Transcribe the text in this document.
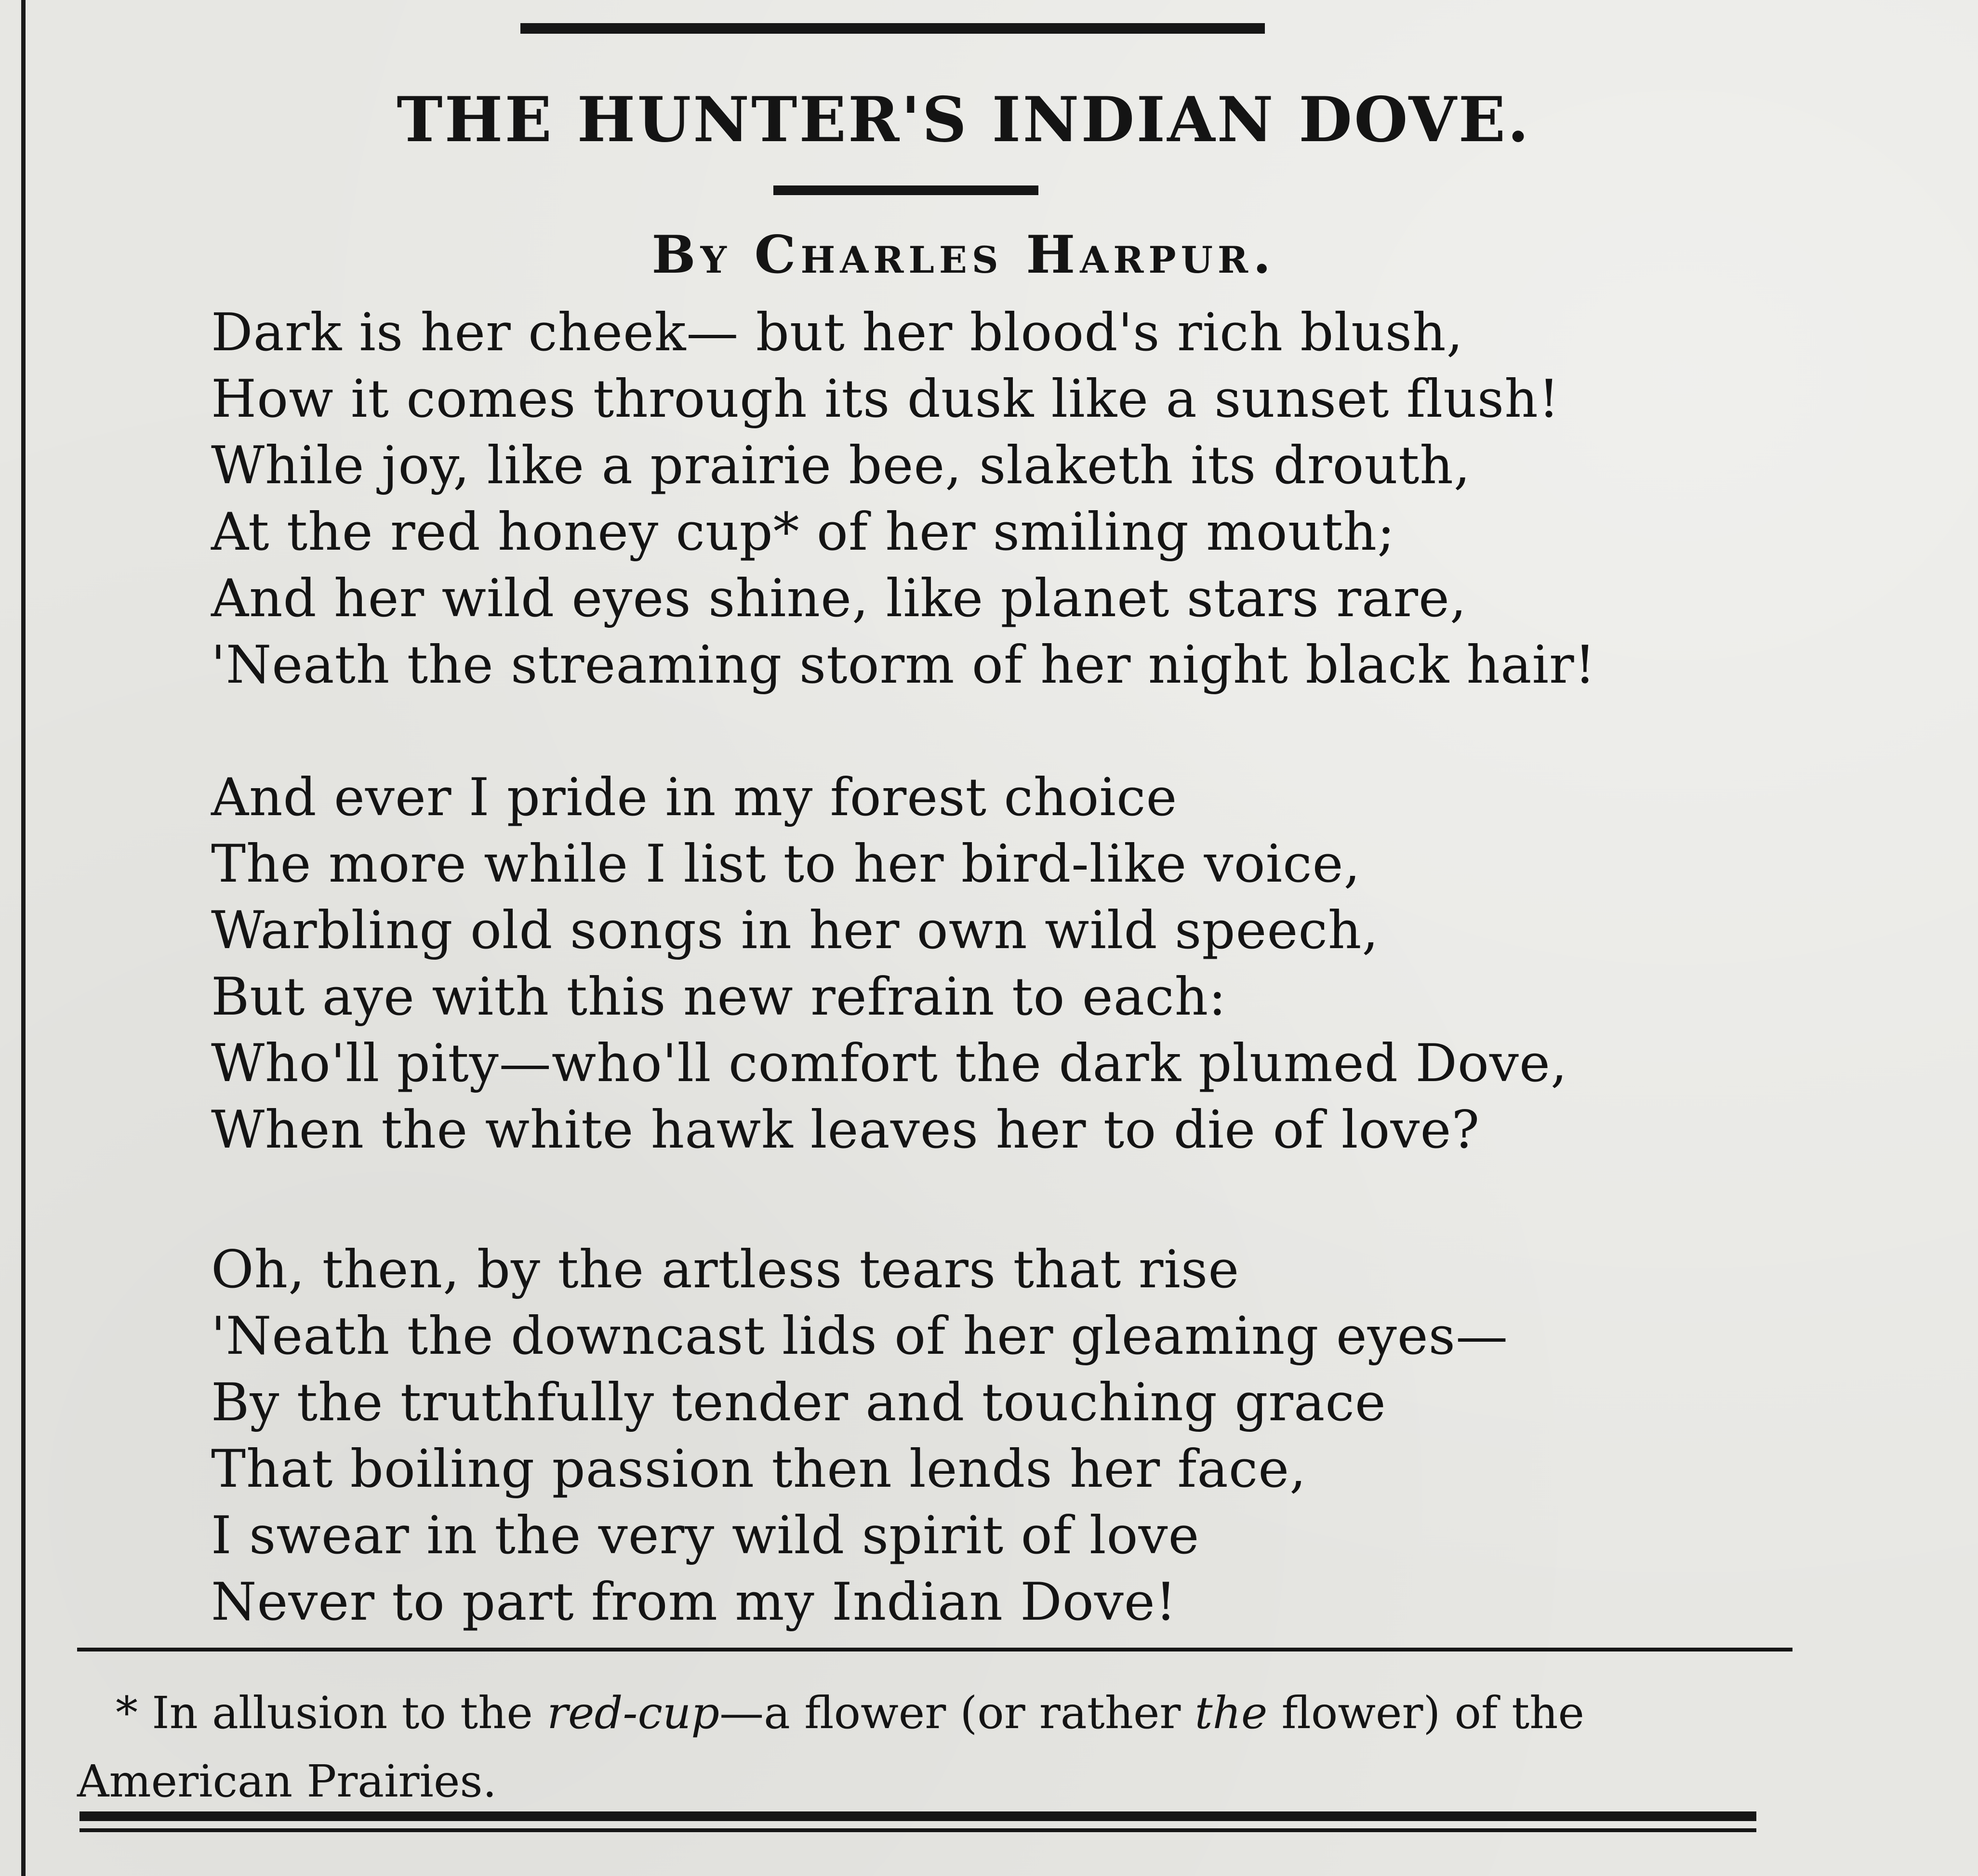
THE HUNTER'S INDIAN DOVE.
By Charles Harpur.
Dark is her cheek— but her blood's rich blush,
How it comes through its dusk like a sunset flush!
While joy, like a prairie bee, slaketh its drouth,
At the red honey cup* of her smiling mouth;
And her wild eyes shine, like planet stars rare,
'Neath the streaming storm of her night black hair!
And ever I pride in my forest choice
The more while I list to her bird-like voice,
Warbling old songs in her own wild speech,
But aye with this new refrain to each:
Who'll pity—who'll comfort the dark plumed Dove,
When the white hawk leaves her to die of love?
Oh, then, by the artless tears that rise
'Neath the downcast lids of her gleaming eyes—
By the truthfully tender and touching grace
That boiling passion then lends her face,
I swear in the very wild spirit of love
Never to part from my Indian Dove!

* In allusion to the red-cup—a flower (or rather the flower) of the
American Prairies.
